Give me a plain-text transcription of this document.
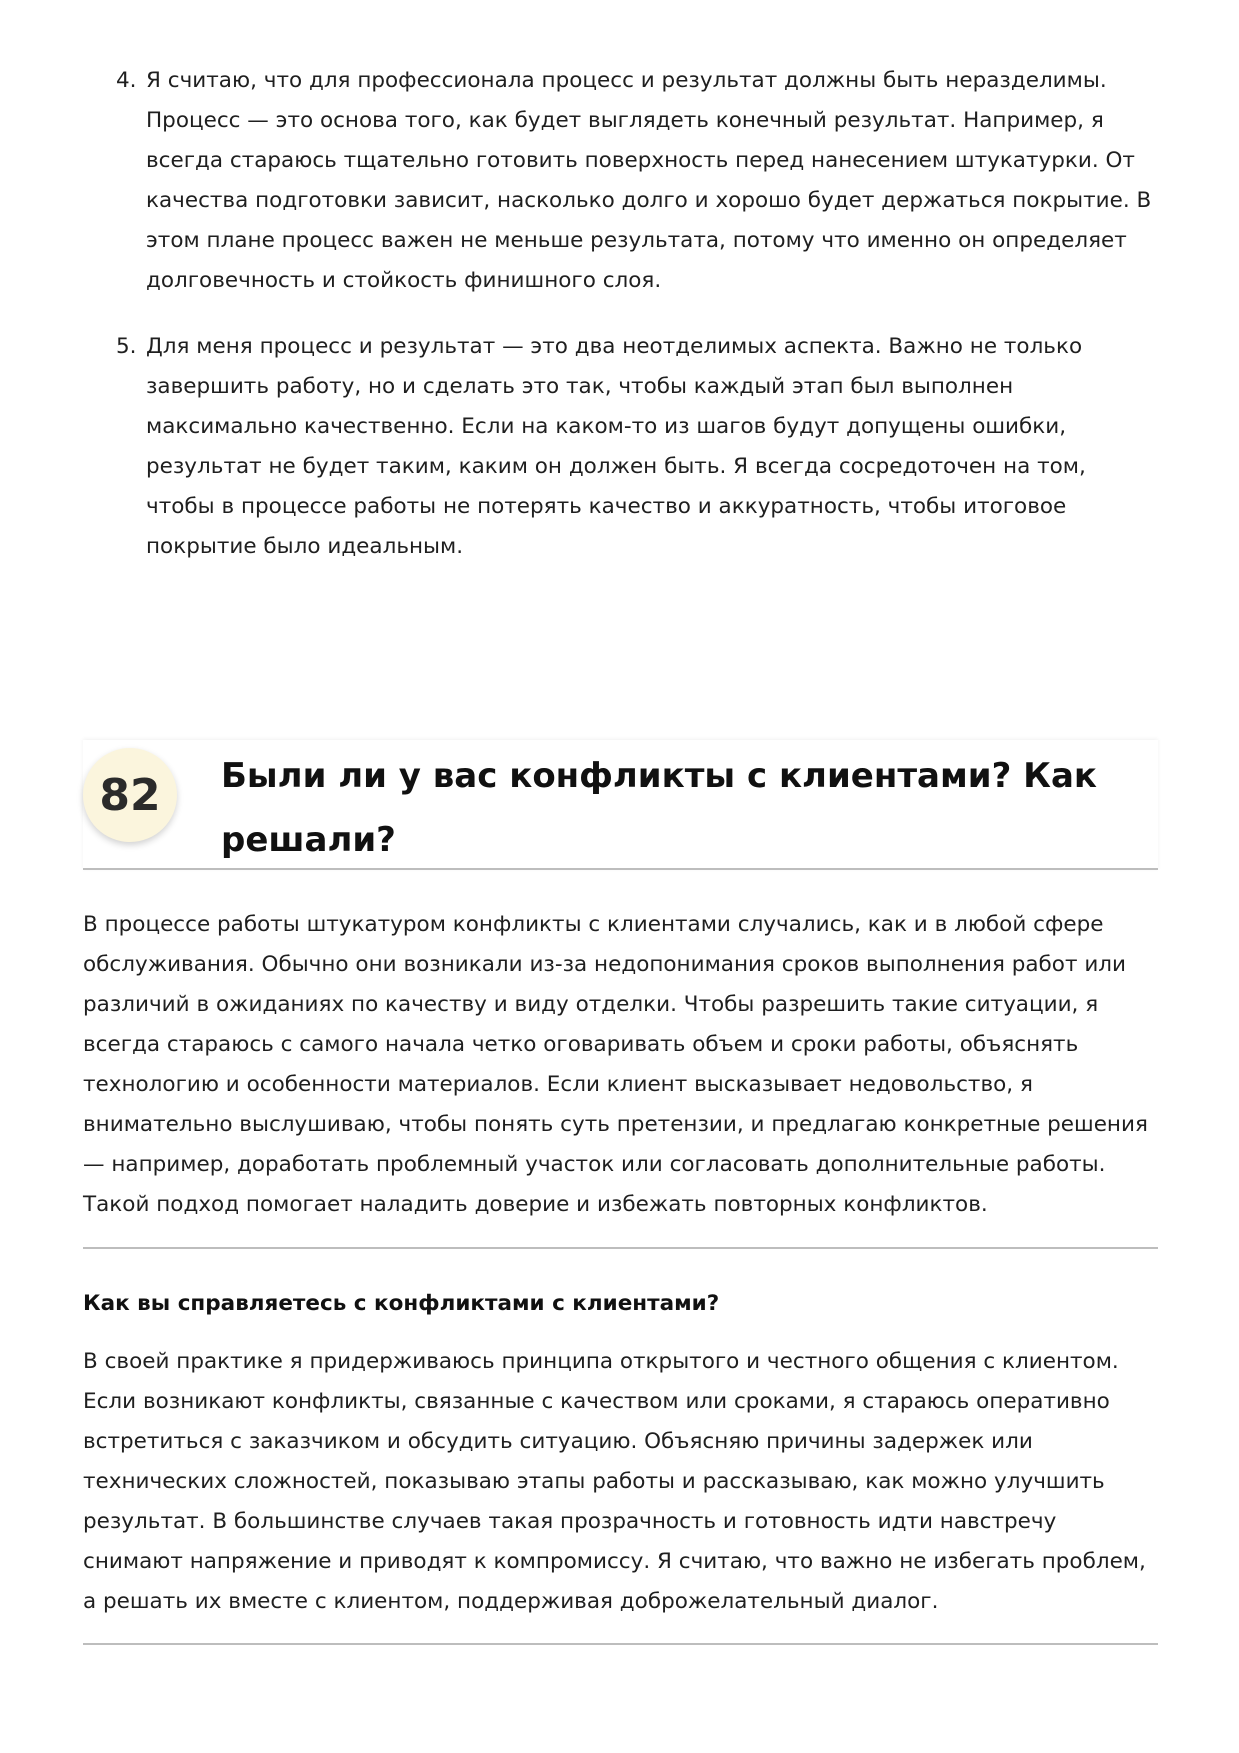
4. Я считаю, что для профессионала процесс и результат должны быть неразделимы. Процесс — это основа того, как будет выглядеть конечный результат. Например, я всегда стараюсь тщательно готовить поверхность перед нанесением штукатурки. От качества подготовки зависит, насколько долго и хорошо будет держаться покрытие. В этом плане процесс важен не меньше результата, потому что именно он определяет долговечность и стойкость финишного слоя.
5. Для меня процесс и результат — это два неотделимых аспекта. Важно не только завершить работу, но и сделать это так, чтобы каждый этап был выполнен максимально качественно. Если на каком-то из шагов будут допущены ошибки, результат не будет таким, каким он должен быть. Я всегда сосредоточен на том, чтобы в процессе работы не потерять качество и аккуратность, чтобы итоговое покрытие было идеальным.
82	Были ли у вас конфликты с клиентами? Как решали?

В процессе работы штукатуром конфликты с клиентами случались, как и в любой сфере обслуживания. Обычно они возникали из-за недопонимания сроков выполнения работ или различий в ожиданиях по качеству и виду отделки. Чтобы разрешить такие ситуации, я всегда стараюсь с самого начала четко оговаривать объем и сроки работы, объяснять технологию и особенности материалов. Если клиент высказывает недовольство, я внимательно выслушиваю, чтобы понять суть претензии, и предлагаю конкретные решения — например, доработать проблемный участок или согласовать дополнительные работы. Такой подход помогает наладить доверие и избежать повторных конфликтов.

Как вы справляетесь с конфликтами с клиентами?

В своей практике я придерживаюсь принципа открытого и честного общения с клиентом. Если возникают конфликты, связанные с качеством или сроками, я стараюсь оперативно встретиться с заказчиком и обсудить ситуацию. Объясняю причины задержек или технических сложностей, показываю этапы работы и рассказываю, как можно улучшить результат. В большинстве случаев такая прозрачность и готовность идти навстречу снимают напряжение и приводят к компромиссу. Я считаю, что важно не избегать проблем, а решать их вместе с клиентом, поддерживая доброжелательный диалог.
